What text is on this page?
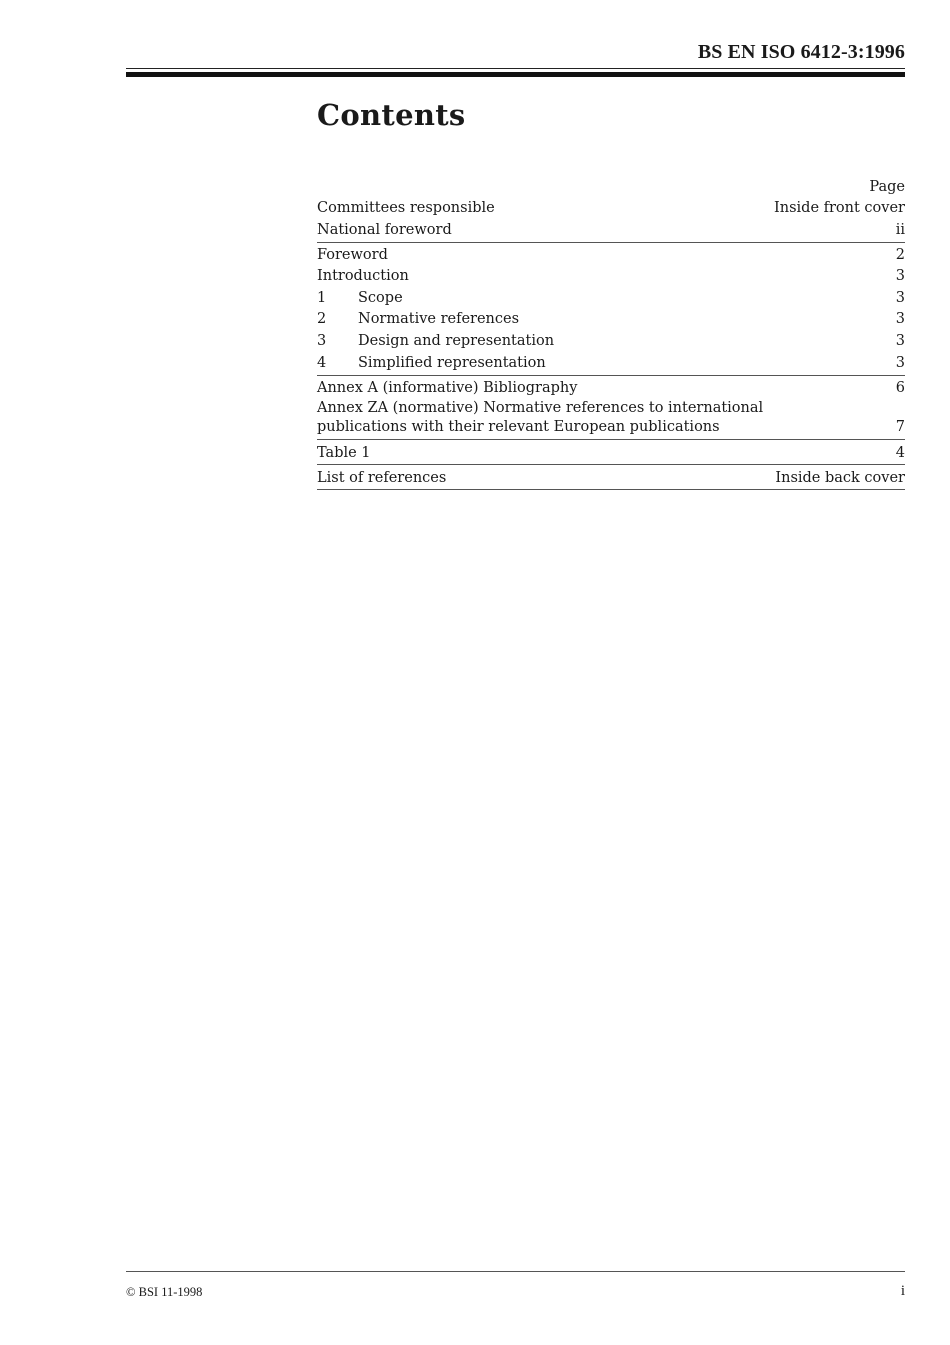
BS EN ISO 6412-3:1996
Contents
Page
Committees responsible	Inside front cover
National foreword	ii
Foreword	2
Introduction	3
1	Scope	3
2	Normative references	3
3	Design and representation	3
4	Simplified representation	3
Annex A (informative) Bibliography	6
Annex ZA (normative) Normative references to international publications with their relevant European publications	7
Table 1	4
List of references	Inside back cover
© BSI 11-1998	i
